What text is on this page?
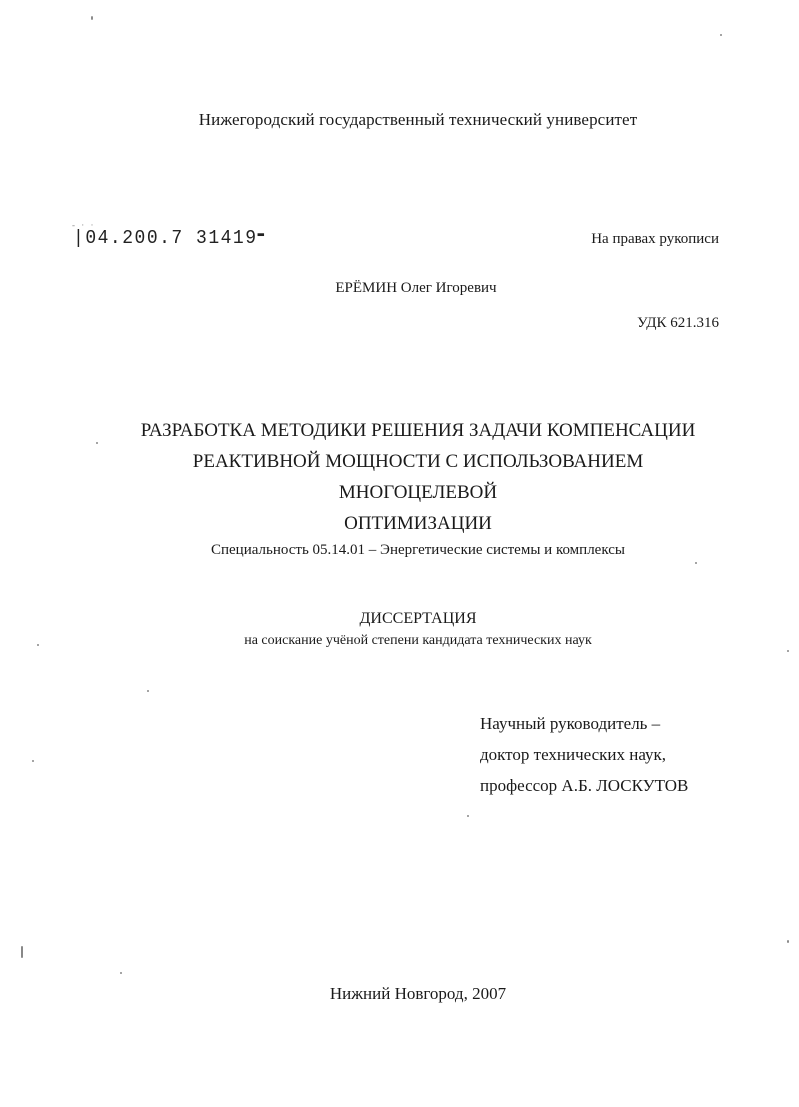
Нижегородский государственный технический университет
- · ·
|04.200.7 31419▬	На правах рукописи
ЕРЁМИН Олег Игоревич
УДК 621.316
РАЗРАБОТКА МЕТОДИКИ РЕШЕНИЯ ЗАДАЧИ КОМПЕНСАЦИИ
РЕАКТИВНОЙ МОЩНОСТИ С ИСПОЛЬЗОВАНИЕМ МНОГОЦЕЛЕВОЙ
ОПТИМИЗАЦИИ
Специальность 05.14.01 – Энергетические системы и комплексы
ДИССЕРТАЦИЯ
на соискание учёной степени кандидата технических наук
Научный руководитель –
доктор технических наук,
профессор А.Б. ЛОСКУТОВ
Нижний Новгород, 2007
